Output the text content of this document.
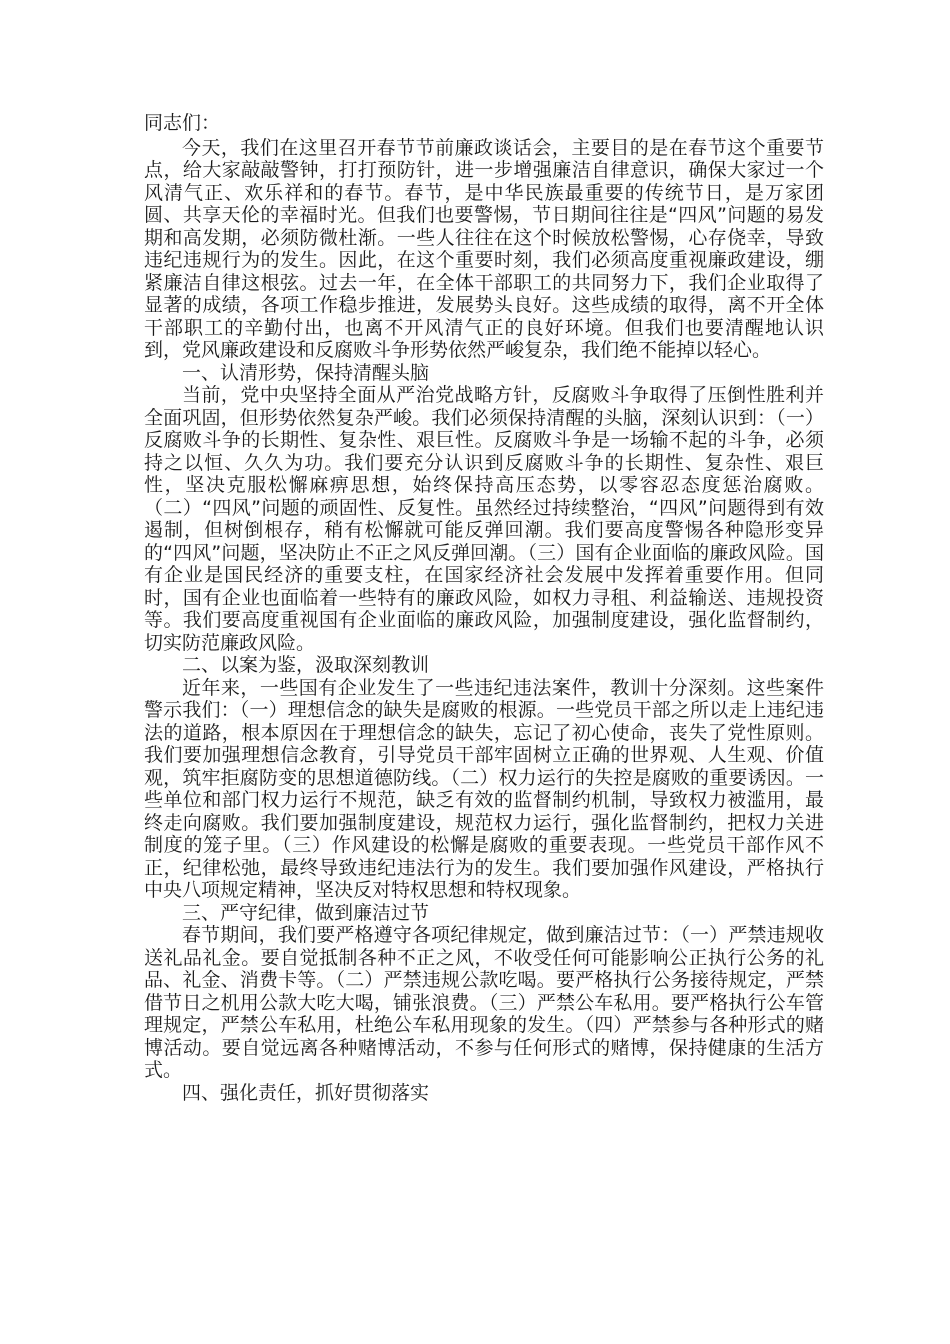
同志们：

今天，我们在这里召开春节节前廉政谈话会，主要目的是在春节这个重要节点，给大家敲敲警钟，打打预防针，进一步增强廉洁自律意识，确保大家过一个风清气正、欢乐祥和的春节。春节，是中华民族最重要的传统节日，是万家团圆、共享天伦的幸福时光。但我们也要警惕，节日期间往往是“四风”问题的易发期和高发期，必须防微杜渐。一些人往往在这个时候放松警惕，心存侥幸，导致违纪违规行为的发生。因此，在这个重要时刻，我们必须高度重视廉政建设，绷紧廉洁自律这根弦。过去一年，在全体干部职工的共同努力下，我们企业取得了显著的成绩，各项工作稳步推进，发展势头良好。这些成绩的取得，离不开全体干部职工的辛勤付出，也离不开风清气正的良好环境。但我们也要清醒地认识到，党风廉政建设和反腐败斗争形势依然严峻复杂，我们绝不能掉以轻心。

一、认清形势，保持清醒头脑

当前，党中央坚持全面从严治党战略方针，反腐败斗争取得了压倒性胜利并全面巩固，但形势依然复杂严峻。我们必须保持清醒的头脑，深刻认识到：（一）反腐败斗争的长期性、复杂性、艰巨性。反腐败斗争是一场输不起的斗争，必须持之以恒、久久为功。我们要充分认识到反腐败斗争的长期性、复杂性、艰巨性，坚决克服松懈麻痹思想，始终保持高压态势，以零容忍态度惩治腐败。（二）“四风”问题的顽固性、反复性。虽然经过持续整治，“四风”问题得到有效遏制，但树倒根存，稍有松懈就可能反弹回潮。我们要高度警惕各种隐形变异的“四风”问题，坚决防止不正之风反弹回潮。（三）国有企业面临的廉政风险。国有企业是国民经济的重要支柱，在国家经济社会发展中发挥着重要作用。但同时，国有企业也面临着一些特有的廉政风险，如权力寻租、利益输送、违规投资等。我们要高度重视国有企业面临的廉政风险，加强制度建设，强化监督制约，切实防范廉政风险。

二、以案为鉴，汲取深刻教训

近年来，一些国有企业发生了一些违纪违法案件，教训十分深刻。这些案件警示我们：（一）理想信念的缺失是腐败的根源。一些党员干部之所以走上违纪违法的道路，根本原因在于理想信念的缺失，忘记了初心使命，丧失了党性原则。我们要加强理想信念教育，引导党员干部牢固树立正确的世界观、人生观、价值观，筑牢拒腐防变的思想道德防线。（二）权力运行的失控是腐败的重要诱因。一些单位和部门权力运行不规范，缺乏有效的监督制约机制，导致权力被滥用，最终走向腐败。我们要加强制度建设，规范权力运行，强化监督制约，把权力关进制度的笼子里。（三）作风建设的松懈是腐败的重要表现。一些党员干部作风不正，纪律松弛，最终导致违纪违法行为的发生。我们要加强作风建设，严格执行中央八项规定精神，坚决反对特权思想和特权现象。

三、严守纪律，做到廉洁过节

春节期间，我们要严格遵守各项纪律规定，做到廉洁过节：（一）严禁违规收送礼品礼金。要自觉抵制各种不正之风，不收受任何可能影响公正执行公务的礼品、礼金、消费卡等。（二）严禁违规公款吃喝。要严格执行公务接待规定，严禁借节日之机用公款大吃大喝，铺张浪费。（三）严禁公车私用。要严格执行公车管理规定，严禁公车私用，杜绝公车私用现象的发生。（四）严禁参与各种形式的赌博活动。要自觉远离各种赌博活动，不参与任何形式的赌博，保持健康的生活方式。

四、强化责任，抓好贯彻落实
